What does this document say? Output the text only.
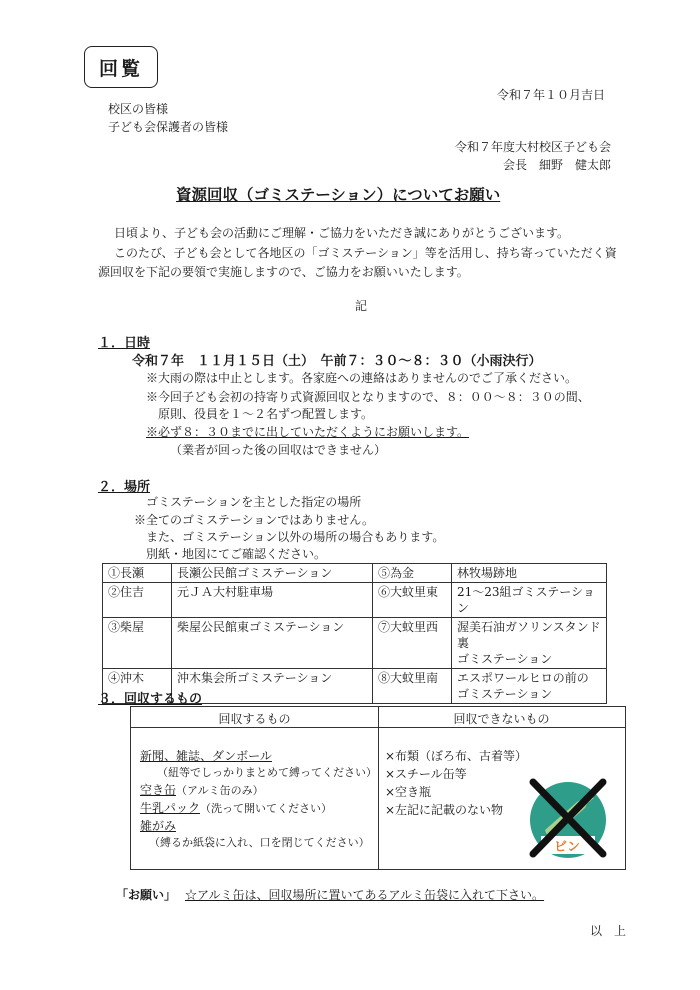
回覧
令和７年１０月吉日
校区の皆様
子ども会保護者の皆様
令和７年度大村校区子ども会
会長　細野　健太郎
資源回収（ゴミステーション）についてお願い
日頃より、子ども会の活動にご理解・ご協力をいただき誠にありがとうございます。
このたび、子ども会として各地区の「ゴミステーション」等を活用し、持ち寄っていただく資
源回収を下記の要領で実施しますので、ご協力をお願いいたします。
記
１．日時
令和７年　１１月１５日（土）　午前７：３０～８：３０（小雨決行）
※大雨の際は中止とします。各家庭への連絡はありませんのでご了承ください。
※今回子ども会初の持寄り式資源回収となりますので、８：００～８：３０の間、
原則、役員を１～２名ずつ配置します。
※必ず８：３０までに出していただくようにお願いします。
（業者が回った後の回収はできません）
２．場所
ゴミステーションを主とした指定の場所
※全てのゴミステーションではありません。
また、ゴミステーション以外の場所の場合もあります。
別紙・地図にてご確認ください。
①長瀬	長瀬公民館ゴミステーション	⑤為金	林牧場跡地
②住吉	元ＪＡ大村駐車場	⑥大蚊里東	21～23組ゴミステーション
③柴屋	柴屋公民館東ゴミステーション	⑦大蚊里西	渥美石油ガソリンスタンド裏
ゴミステーション

④沖木	沖木集会所ゴミステーション	⑧大蚊里南	エスポワールヒロの前の
ゴミステーション
３．回収するもの
回収するもの	回収できないもの
新聞、雑誌、ダンボール
（紐等でしっかりまとめて縛ってください）
空き缶（アルミ缶のみ）
牛乳パック（洗って開いてください）
雑がみ
（縛るか紙袋に入れ、口を閉じてください）
×布類（ぼろ布、古着等）
×スチール缶等
×空き瓶
×左記に記載のない物
ビン
「お願い」 ☆アルミ缶は、回収場所に置いてあるアルミ缶袋に入れて下さい。
以　上
